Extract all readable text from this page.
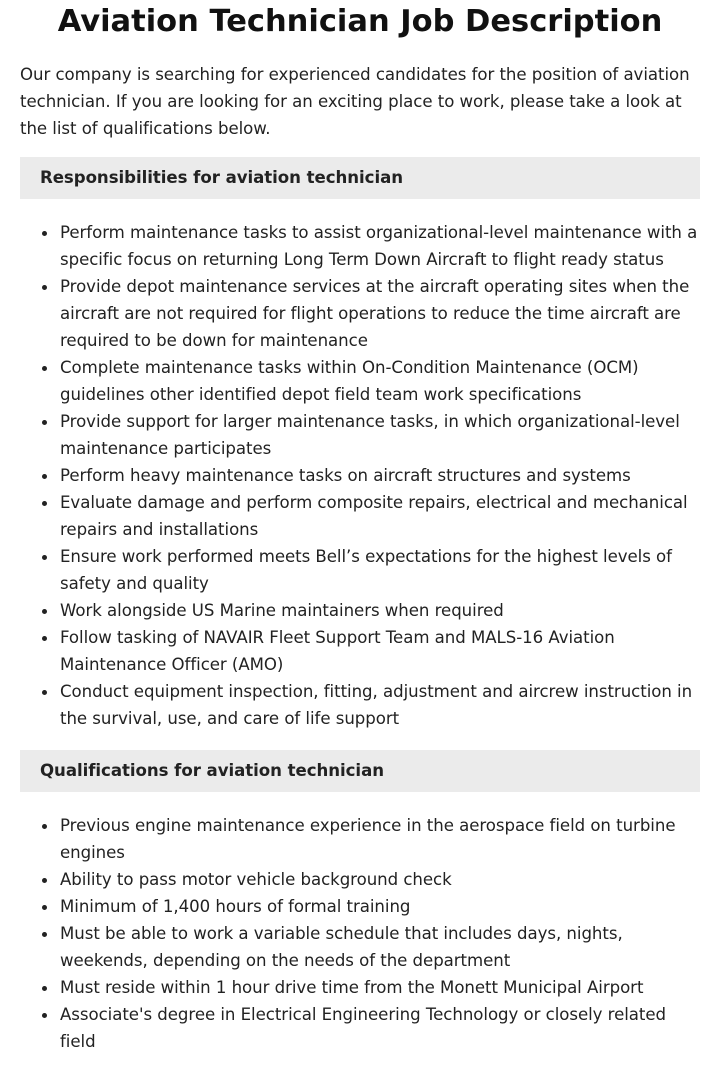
Aviation Technician Job Description

Our company is searching for experienced candidates for the position of aviation technician. If you are looking for an exciting place to work, please take a look at the list of qualifications below.

Responsibilities for aviation technician
Perform maintenance tasks to assist organizational-level maintenance with a specific focus on returning Long Term Down Aircraft to flight ready status
Provide depot maintenance services at the aircraft operating sites when the aircraft are not required for flight operations to reduce the time aircraft are required to be down for maintenance
Complete maintenance tasks within On-Condition Maintenance (OCM) guidelines other identified depot field team work specifications
Provide support for larger maintenance tasks, in which organizational-level maintenance participates
Perform heavy maintenance tasks on aircraft structures and systems
Evaluate damage and perform composite repairs, electrical and mechanical repairs and installations
Ensure work performed meets Bell’s expectations for the highest levels of safety and quality
Work alongside US Marine maintainers when required
Follow tasking of NAVAIR Fleet Support Team and MALS-16 Aviation Maintenance Officer (AMO)
Conduct equipment inspection, fitting, adjustment and aircrew instruction in the survival, use, and care of life support
Qualifications for aviation technician
Previous engine maintenance experience in the aerospace field on turbine engines
Ability to pass motor vehicle background check
Minimum of 1,400 hours of formal training
Must be able to work a variable schedule that includes days, nights, weekends, depending on the needs of the department
Must reside within 1 hour drive time from the Monett Municipal Airport
Associate's degree in Electrical Engineering Technology or closely related field
